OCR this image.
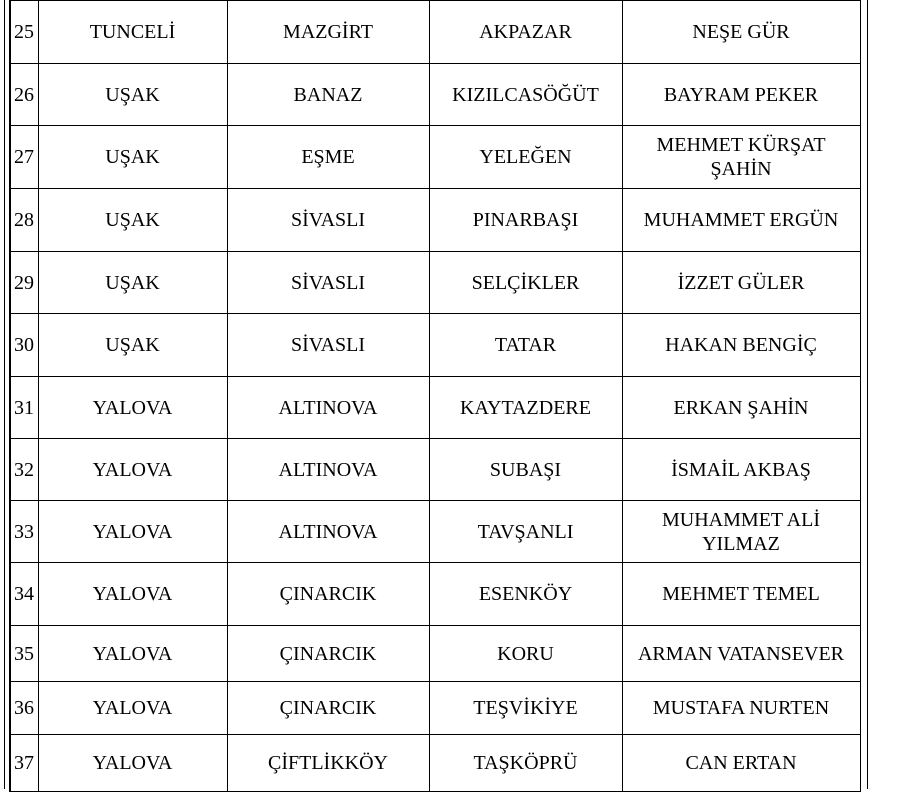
25	TUNCELİ	MAZGİRT	AKPAZAR	NEŞE GÜR
26	UŞAK	BANAZ	KIZILCASÖĞÜT	BAYRAM PEKER
27	UŞAK	EŞME	YELEĞEN	MEHMET KÜRŞAT ŞAHİN
28	UŞAK	SİVASLI	PINARBAŞI	MUHAMMET ERGÜN
29	UŞAK	SİVASLI	SELÇİKLER	İZZET GÜLER
30	UŞAK	SİVASLI	TATAR	HAKAN BENGİÇ
31	YALOVA	ALTINOVA	KAYTAZDERE	ERKAN ŞAHİN
32	YALOVA	ALTINOVA	SUBAŞI	İSMAİL AKBAŞ
33	YALOVA	ALTINOVA	TAVŞANLI	MUHAMMET ALİ YILMAZ
34	YALOVA	ÇINARCIK	ESENKÖY	MEHMET TEMEL
35	YALOVA	ÇINARCIK	KORU	ARMAN VATANSEVER
36	YALOVA	ÇINARCIK	TEŞVİKİYE	MUSTAFA NURTEN
37	YALOVA	ÇİFTLİKKÖY	TAŞKÖPRÜ	CAN ERTAN
